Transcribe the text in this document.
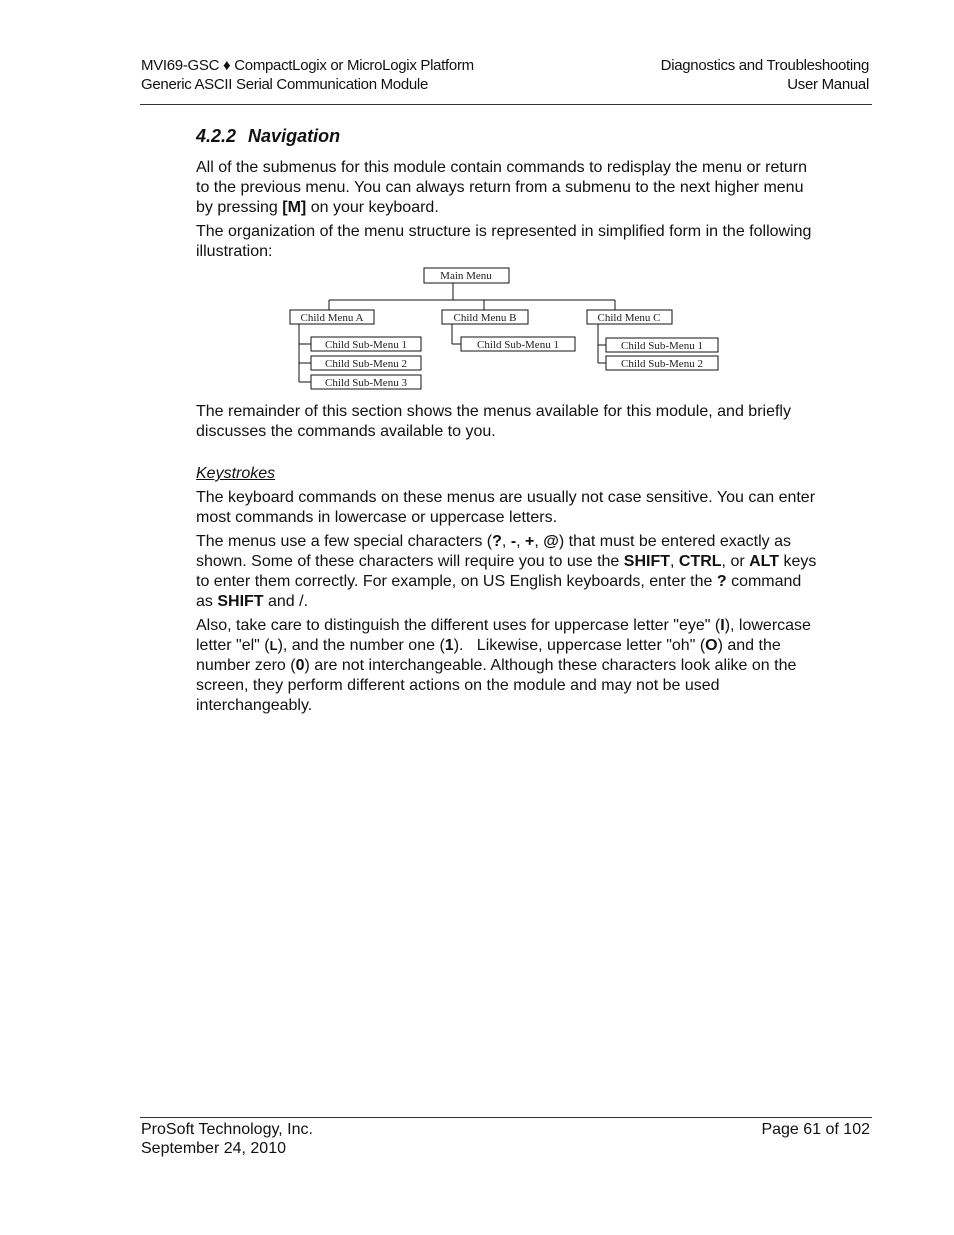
MVI69-GSC ♦ CompactLogix or MicroLogix Platform
Generic ASCII Serial Communication Module
Diagnostics and Troubleshooting
User Manual
4.2.2 Navigation

All of the submenus for this module contain commands to redisplay the menu or return to the previous menu. You can always return from a submenu to the next higher menu by pressing [M] on your keyboard.

The organization of the menu structure is represented in simplified form in the following illustration:

Main Menu
Child Menu A	Child Menu B	Child Menu C
Child Sub-Menu 1
Child Sub-Menu 2
Child Sub-Menu 3
Child Sub-Menu 1	Child Sub-Menu 1
Child Sub-Menu 2

The remainder of this section shows the menus available for this module, and briefly discusses the commands available to you.

Keystrokes

The keyboard commands on these menus are usually not case sensitive. You can enter most commands in lowercase or uppercase letters.

The menus use a few special characters (?, -, +, @) that must be entered exactly as shown. Some of these characters will require you to use the SHIFT, CTRL, or ALT keys to enter them correctly. For example, on US English keyboards, enter the ? command as SHIFT and /.

Also, take care to distinguish the different uses for uppercase letter "eye" (I), lowercase letter "el" (L), and the number one (1).   Likewise, uppercase letter "oh" (O) and the number zero (0) are not interchangeable. Although these characters look alike on the screen, they perform different actions on the module and may not be used interchangeably.

ProSoft Technology, Inc.
September 24, 2010
Page 61 of 102
